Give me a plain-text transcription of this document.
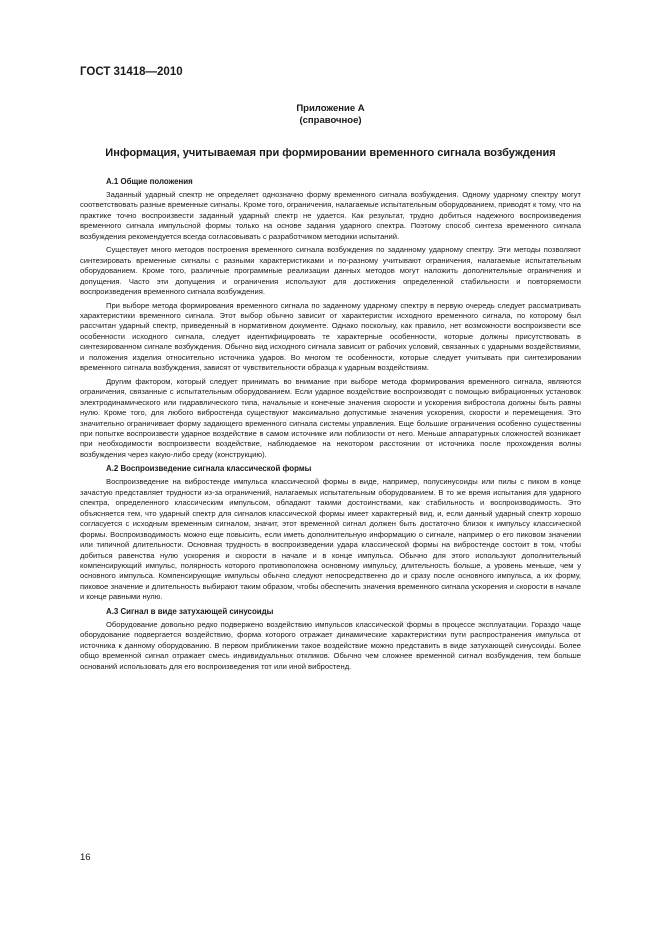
ГОСТ 31418—2010
Приложение А
(справочное)
Информация, учитываемая при формировании временного сигнала возбуждения
А.1 Общие положения

Заданный ударный спектр не определяет однозначно форму временного сигнала возбуждения. Одному ударному спектру могут соответствовать разные временные сигналы. Кроме того, ограничения, налагаемые испытательным оборудованием, приводят к тому, что на практике точно воспроизвести заданный ударный спектр не удается. Как результат, трудно добиться надежного воспроизведения временного сигнала импульсной формы только на основе задания ударного спектра. Поэтому способ синтеза временного сигнала возбуждения рекомендуется всегда согласовывать с разработчиком методики испытаний.

Существует много методов построения временного сигнала возбуждения по заданному ударному спектру. Эти методы позволяют синтезировать временные сигналы с разными характеристиками и по-разному учитывают ограничения, налагаемые испытательным оборудованием. Кроме того, различные программные реализации данных методов могут наложить дополнительные ограничения и допущения. Часто эти допущения и ограничения используют для достижения определенной стабильности и повторяемости воспроизведения временного сигнала возбуждения.

При выборе метода формирования временного сигнала по заданному ударному спектру в первую очередь следует рассматривать характеристики временного сигнала. Этот выбор обычно зависит от характеристик исходного временного сигнала, по которому был рассчитан ударный спектр, приведенный в нормативном документе. Однако поскольку, как правило, нет возможности воспроизвести все особенности исходного сигнала, следует идентифицировать те характерные особенности, которые должны присутствовать в синтезированном сигнале возбуждения. Обычно вид исходного сигнала зависит от рабочих условий, связанных с ударными воздействиями, и положения изделия относительно источника ударов. Во многом те особенности, которые следует учитывать при синтезировании временного сигнала возбуждения, зависят от чувствительности образца к ударным воздействиям.

Другим фактором, который следует принимать во внимание при выборе метода формирования временного сигнала, являются ограничения, связанные с испытательным оборудованием. Если ударное воздействие воспроизводят с помощью вибрационных установок электродинамического или гидравлического типа, начальные и конечные значения скорости и ускорения вибростола должны быть равны нулю. Кроме того, для любого вибростенда существуют максимально допустимые значения ускорения, скорости и перемещения. Это значительно ограничивает форму задающего временного сигнала системы управления. Еще большие ограничения особенно существенны при попытке воспроизвести ударное воздействие в самом источнике или поблизости от него. Меньше аппаратурных сложностей возникает при необходимости воспроизвести воздействие, наблюдаемое на некотором расстоянии от источника после прохождения волны возбуждения через какую-либо среду (конструкцию).

А.2 Воспроизведение сигнала классической формы

Воспроизведение на вибростенде импульса классической формы в виде, например, полусинусоиды или пилы с пиком в конце зачастую представляет трудности из-за ограничений, налагаемых испытательным оборудованием. В то же время испытания для ударного спектра, определенного классическим импульсом, обладают такими достоинствами, как стабильность и воспроизводимость. Это объясняется тем, что ударный спектр для сигналов классической формы имеет характерный вид, и, если данный ударный спектр хорошо согласуется с исходным временным сигналом, значит, этот временной сигнал должен быть достаточно близок к импульсу классической формы. Воспроизводимость можно еще повысить, если иметь дополнительную информацию о сигнале, например о его пиковом значении или типичной длительности. Основная трудность в воспроизведении удара классической формы на вибростенде состоит в том, чтобы добиться равенства нулю ускорения и скорости в начале и в конце импульса. Обычно для этого используют дополнительный компенсирующий импульс, полярность которого противоположна основному импульсу, длительность больше, а уровень меньше, чем у основного импульса. Компенсирующие импульсы обычно следуют непосредственно до и сразу после основного импульса, а их форму, пиковое значение и длительность выбирают таким образом, чтобы обеспечить значения временного сигнала ускорения и скорости в начале и конце равными нулю.

А.3 Сигнал в виде затухающей синусоиды

Оборудование довольно редко подвержено воздействию импульсов классической формы в процессе эксплуатации. Гораздо чаще оборудование подвергается воздействию, форма которого отражает динамические характеристики пути распространения импульса от источника к данному оборудованию. В первом приближении такое воздействие можно представить в виде затухающей синусоиды. Более общо временной сигнал отражает смесь индивидуальных откликов. Обычно чем сложнее временной сигнал возбуждения, тем больше оснований использовать для его воспроизведения тот или иной вибростенд.

16
